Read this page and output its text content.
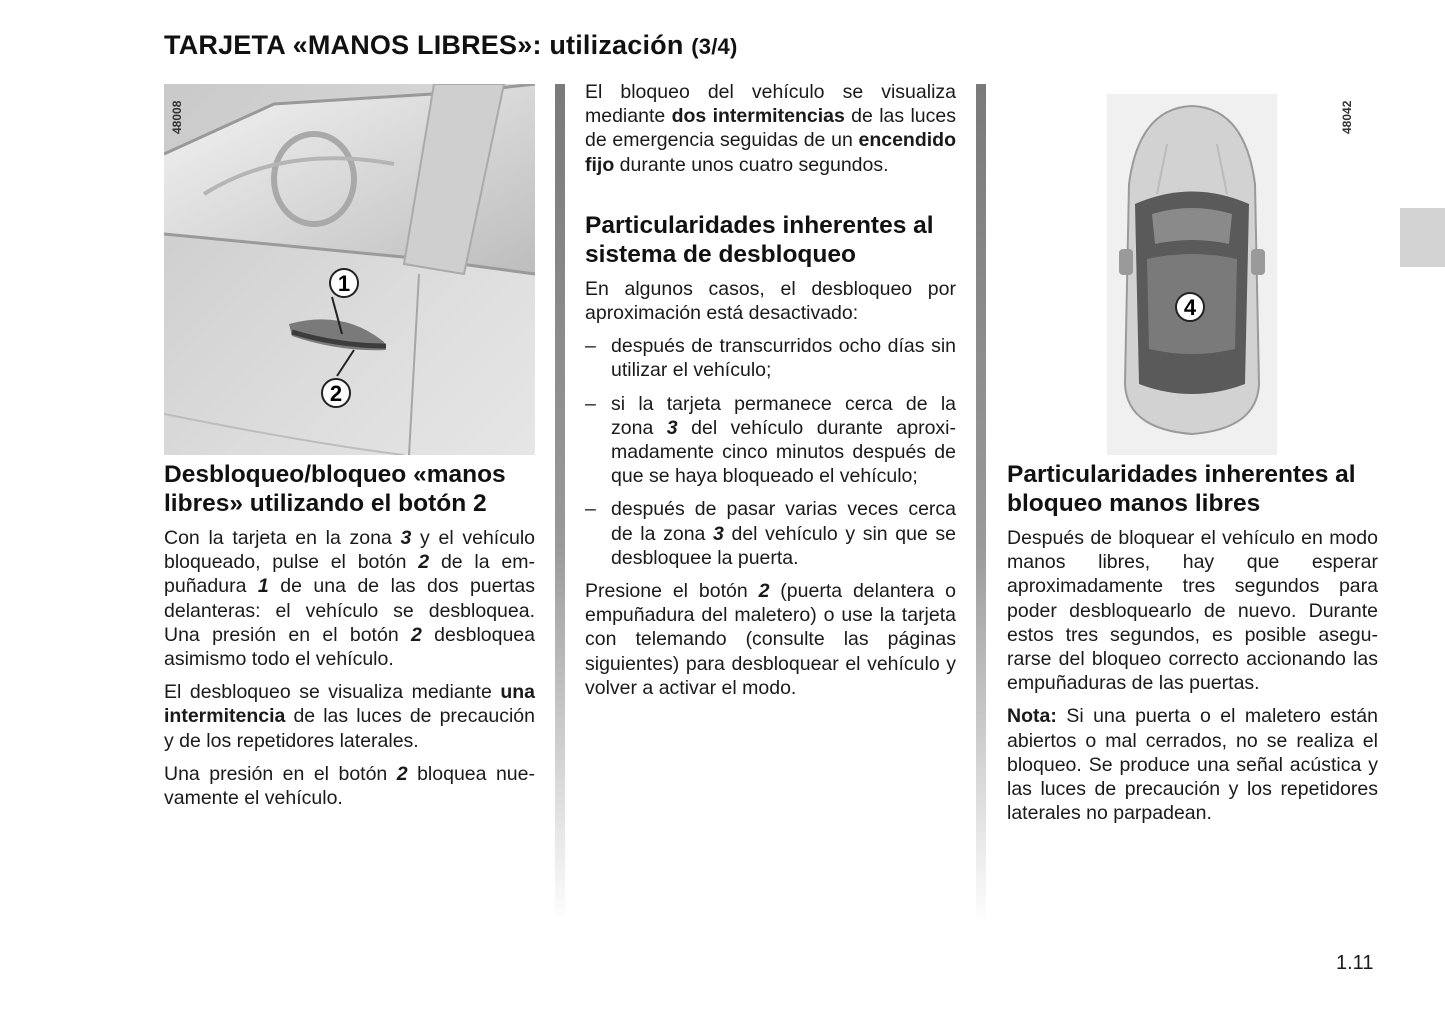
TARJETA «MANOS LIBRES»: utilización (3/4)
1
2
48008
4
48042
Desbloqueo/bloqueo «manos libres» utilizando el botón 2

Con la tarjeta en la zona 3 y el vehículo bloqueado, pulse el botón 2 de la empuñadura 1 de una de las dos puertas delanteras: el vehículo se desbloquea. Una presión en el botón 2 desbloquea asimismo todo el vehículo.

El desbloqueo se visualiza mediante una intermitencia de las luces de precaución y de los repetidores laterales.

Una presión en el botón 2 bloquea nuevamente el vehículo.

El bloqueo del vehículo se visualiza mediante dos intermitencias de las luces de emergencia seguidas de un encendido fijo durante unos cuatro segundos.

Particularidades inherentes al sistema de desbloqueo

En algunos casos, el desbloqueo por aproximación está desactivado:

– después de transcurridos ocho días sin utilizar el vehículo;
– si la tarjeta permanece cerca de la zona 3 del vehículo durante aproximadamente cinco minutos después de que se haya bloqueado el vehículo;
– después de pasar varias veces cerca de la zona 3 del vehículo y sin que se desbloquee la puerta.

Presione el botón 2 (puerta delantera o empuñadura del maletero) o use la tarjeta con telemando (consulte las páginas siguientes) para desbloquear el vehículo y volver a activar el modo.

Particularidades inherentes al bloqueo manos libres

Después de bloquear el vehículo en modo manos libres, hay que esperar aproximadamente tres segundos para poder desbloquearlo de nuevo. Durante estos tres segundos, es posible asegurarse del bloqueo correcto accionando las empuñaduras de las puertas.

Nota: Si una puerta o el maletero están abiertos o mal cerrados, no se realiza el bloqueo. Se produce una señal acústica y las luces de precaución y los repetidores laterales no parpadean.

1.11
